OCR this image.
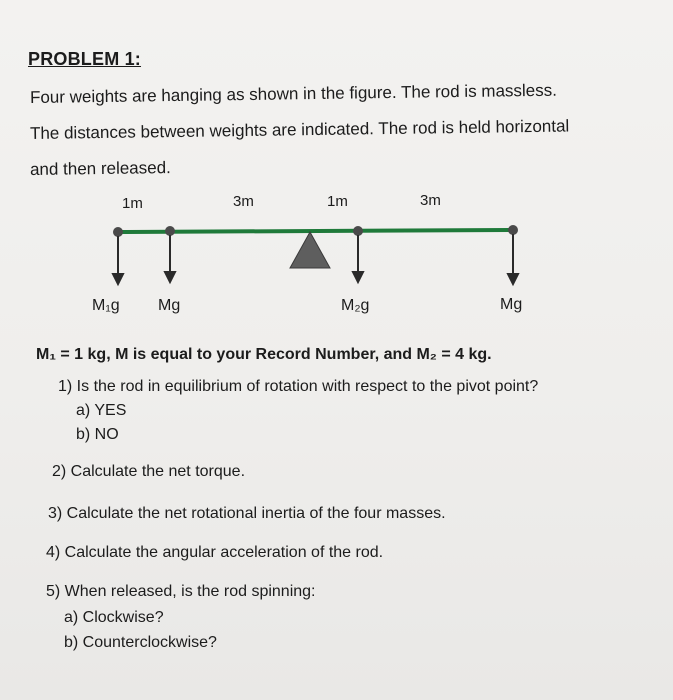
PROBLEM 1:
Four weights are hanging as shown in the figure. The rod is massless.
The distances between weights are indicated. The rod is held horizontal
and then released.
1m	3m	1m	3m
M₁g Mg	M₂g	Mg
M₁ = 1 kg, M is equal to your Record Number, and M₂ = 4 kg.
1) Is the rod in equilibrium of rotation with respect to the pivot point?
a) YES
b) NO
2) Calculate the net torque.
3) Calculate the net rotational inertia of the four masses.
4) Calculate the angular acceleration of the rod.
5) When released, is the rod spinning:
a) Clockwise?
b) Counterclockwise?
